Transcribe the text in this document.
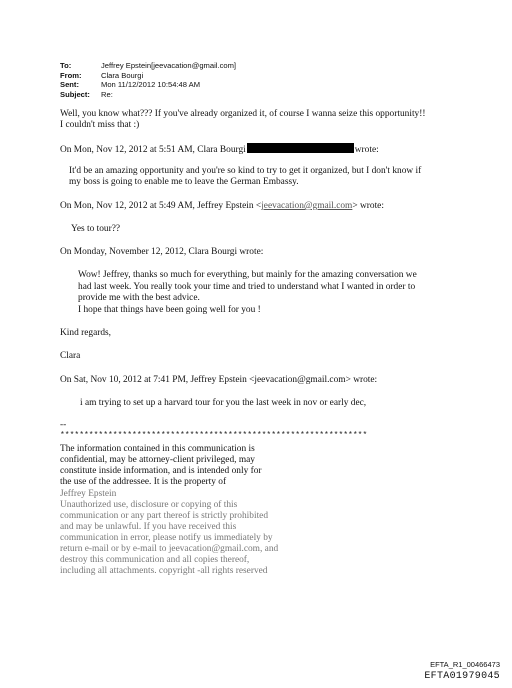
To:	Jeffrey Epstein[jeevacation@gmail.com]
From:	Clara Bourgi
Sent:	Mon 11/12/2012 10:54:48 AM
Subject:	Re:
Well, you know what??? If you've already organized it, of course I wanna seize this opportunity!!
I couldn't miss that :)
On Mon, Nov 12, 2012 at 5:51 AM, Clara Bourgi	wrote:
It'd be an amazing opportunity and you're so kind to try to get it organized, but I don't know if
my boss is going to enable me to leave the German Embassy.
On Mon, Nov 12, 2012 at 5:49 AM, Jeffrey Epstein <jeevacation@gmail.com> wrote:
Yes to tour??
On Monday, November 12, 2012, Clara Bourgi wrote:
Wow! Jeffrey, thanks so much for everything, but mainly for the amazing conversation we
had last week. You really took your time and tried to understand what I wanted in order to
provide me with the best advice.
I hope that things have been going well for you !
Kind regards,
Clara
On Sat, Nov 10, 2012 at 7:41 PM, Jeffrey Epstein <jeevacation@gmail.com> wrote:
i am trying to set up a harvard tour for you the last week in nov or early dec,
--
****************************************************************
The information contained in this communication is
confidential, may be attorney-client privileged, may
constitute inside information, and is intended only for
the use of the addressee. It is the property of
Jeffrey Epstein
Unauthorized use, disclosure or copying of this
communication or any part thereof is strictly prohibited
and may be unlawful. If you have received this
communication in error, please notify us immediately by
return e-mail or by e-mail to jeevacation@gmail.com, and
destroy this communication and all copies thereof,
including all attachments. copyright -all rights reserved
EFTA_R1_00466473
EFTA01979045
